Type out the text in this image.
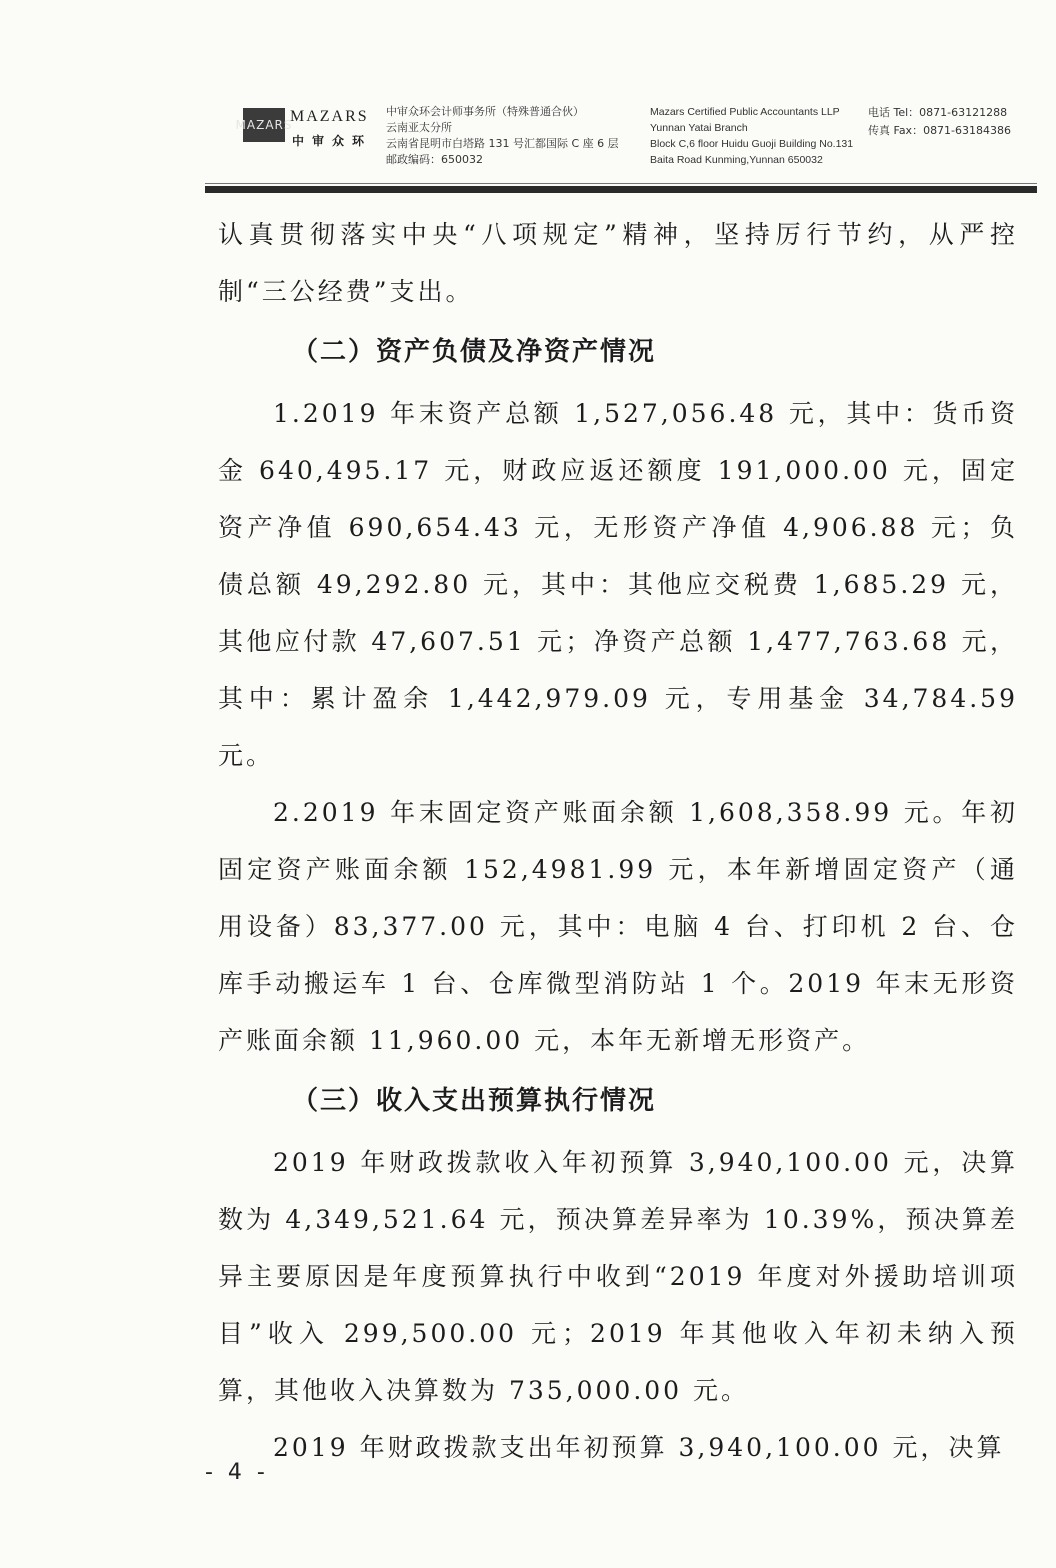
MAZARS
MAZARS
中审众环
中审众环会计师事务所（特殊普通合伙）
云南亚太分所
云南省昆明市白塔路 131 号汇都国际 C 座 6 层
邮政编码：650032
Mazars Certified Public Accountants LLP
Yunnan Yatai Branch
Block C,6 floor Huidu Guoji Building No.131
Baita Road Kunming,Yunnan 650032
电话 Tel：0871-63121288
传真 Fax：0871-63184386

认真贯彻落实中央“八项规定”精神，坚持厉行节约，从严控制“三公经费”支出。

（二）资产负债及净资产情况

1.2019 年末资产总额 1,527,056.48 元，其中：货币资金 640,495.17 元，财政应返还额度 191,000.00 元，固定资产净值 690,654.43 元，无形资产净值 4,906.88 元；负债总额 49,292.80 元，其中：其他应交税费 1,685.29 元，其他应付款 47,607.51 元；净资产总额 1,477,763.68 元，其中：累计盈余 1,442,979.09 元，专用基金 34,784.59 元。

2.2019 年末固定资产账面余额 1,608,358.99 元。年初固定资产账面余额 152,4981.99 元，本年新增固定资产（通用设备）83,377.00 元，其中：电脑 4 台、打印机 2 台、仓库手动搬运车 1 台、仓库微型消防站 1 个。2019 年末无形资产账面余额 11,960.00 元，本年无新增无形资产。

（三）收入支出预算执行情况

2019 年财政拨款收入年初预算 3,940,100.00 元，决算数为 4,349,521.64 元，预决算差异率为 10.39%，预决算差异主要原因是年度预算执行中收到“2019 年度对外援助培训项目”收入 299,500.00 元；2019 年其他收入年初未纳入预算，其他收入决算数为 735,000.00 元。

2019 年财政拨款支出年初预算 3,940,100.00 元，决算

- 4 -
